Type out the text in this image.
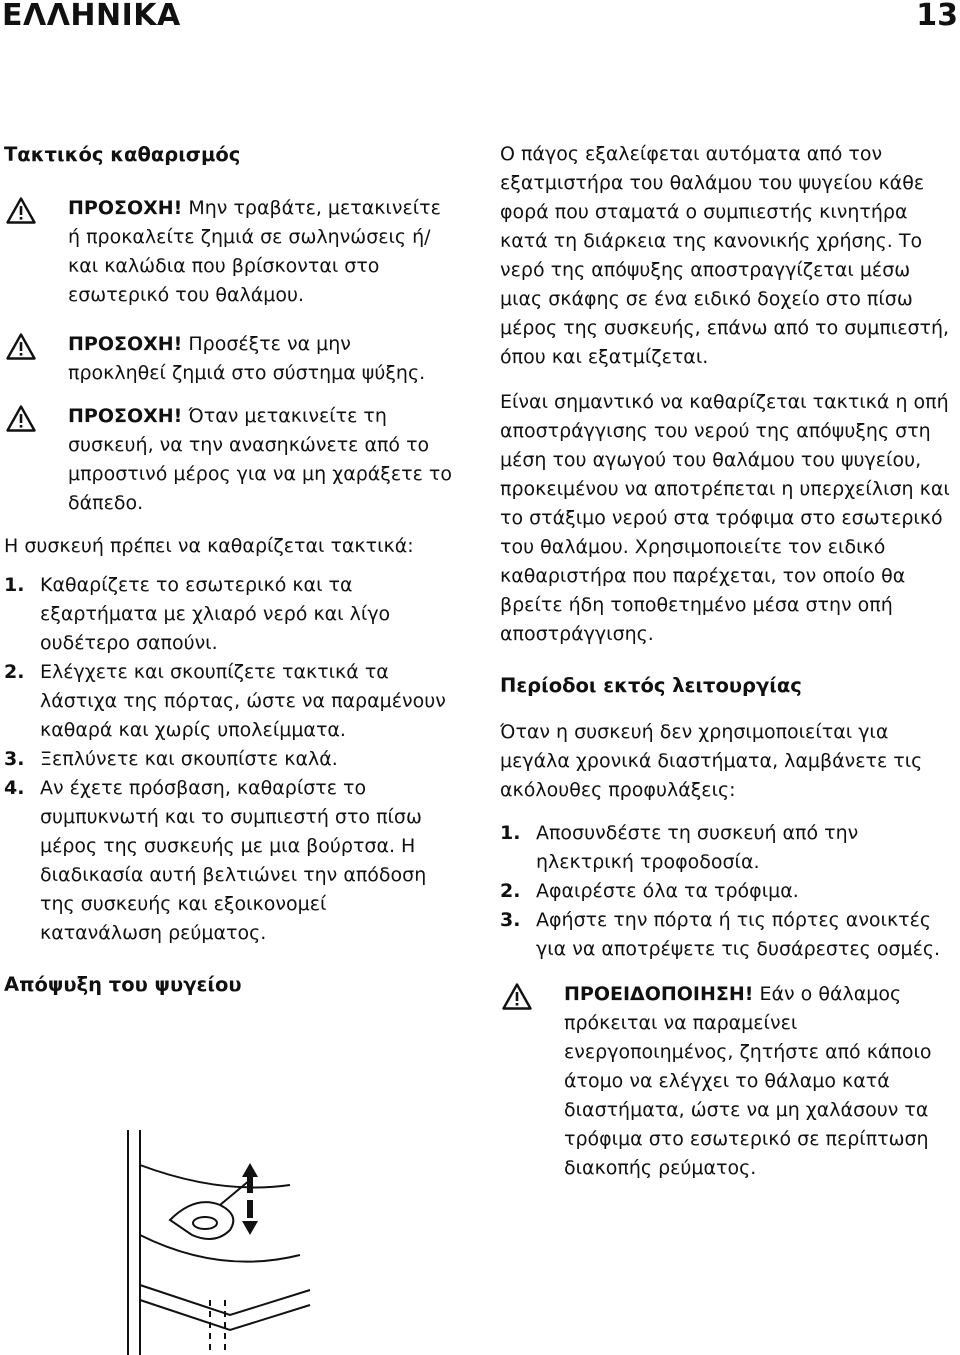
ΕΛΛΗΝΙΚΑ	13
Τακτικός καθαρισμός

ΠΡΟΣΟΧΗ! Μην τραβάτε, μετακινείτε ή προκαλείτε ζημιά σε σωληνώσεις ή/και καλώδια που βρίσκονται στο εσωτερικό του θαλάμου.

ΠΡΟΣΟΧΗ! Προσέξτε να μην προκληθεί ζημιά στο σύστημα ψύξης.

ΠΡΟΣΟΧΗ! Όταν μετακινείτε τη συσκευή, να την ανασηκώνετε από το μπροστινό μέρος για να μη χαράξετε το δάπεδο.

Η συσκευή πρέπει να καθαρίζεται τακτικά:

1. Καθαρίζετε το εσωτερικό και τα εξαρτήματα με χλιαρό νερό και λίγο ουδέτερο σαπούνι.
2. Ελέγχετε και σκουπίζετε τακτικά τα λάστιχα της πόρτας, ώστε να παραμένουν καθαρά και χωρίς υπολείμματα.
3. Ξεπλύνετε και σκουπίστε καλά.
4. Αν έχετε πρόσβαση, καθαρίστε το συμπυκνωτή και το συμπιεστή στο πίσω μέρος της συσκευής με μια βούρτσα. Η διαδικασία αυτή βελτιώνει την απόδοση της συσκευής και εξοικονομεί κατανάλωση ρεύματος.
Απόψυξη του ψυγείου

Ο πάγος εξαλείφεται αυτόματα από τον εξατμιστήρα του θαλάμου του ψυγείου κάθε φορά που σταματά ο συμπιεστής κινητήρα κατά τη διάρκεια της κανονικής χρήσης. Το νερό της απόψυξης αποστραγγίζεται μέσω μιας σκάφης σε ένα ειδικό δοχείο στο πίσω μέρος της συσκευής, επάνω από το συμπιεστή, όπου και εξατμίζεται.

Είναι σημαντικό να καθαρίζεται τακτικά η οπή αποστράγγισης του νερού της απόψυξης στη μέση του αγωγού του θαλάμου του ψυγείου, προκειμένου να αποτρέπεται η υπερχείλιση και το στάξιμο νερού στα τρόφιμα στο εσωτερικό του θαλάμου. Χρησιμοποιείτε τον ειδικό καθαριστήρα που παρέχεται, τον οποίο θα βρείτε ήδη τοποθετημένο μέσα στην οπή αποστράγγισης.

Περίοδοι εκτός λειτουργίας

Όταν η συσκευή δεν χρησιμοποιείται για μεγάλα χρονικά διαστήματα, λαμβάνετε τις ακόλουθες προφυλάξεις:

1. Αποσυνδέστε τη συσκευή από την ηλεκτρική τροφοδοσία.
2. Αφαιρέστε όλα τα τρόφιμα.
3. Αφήστε την πόρτα ή τις πόρτες ανοικτές για να αποτρέψετε τις δυσάρεστες οσμές.

ΠΡΟΕΙΔΟΠΟΙΗΣΗ! Εάν ο θάλαμος πρόκειται να παραμείνει ενεργοποιημένος, ζητήστε από κάποιο άτομο να ελέγχει το θάλαμο κατά διαστήματα, ώστε να μη χαλάσουν τα τρόφιμα στο εσωτερικό σε περίπτωση διακοπής ρεύματος.
